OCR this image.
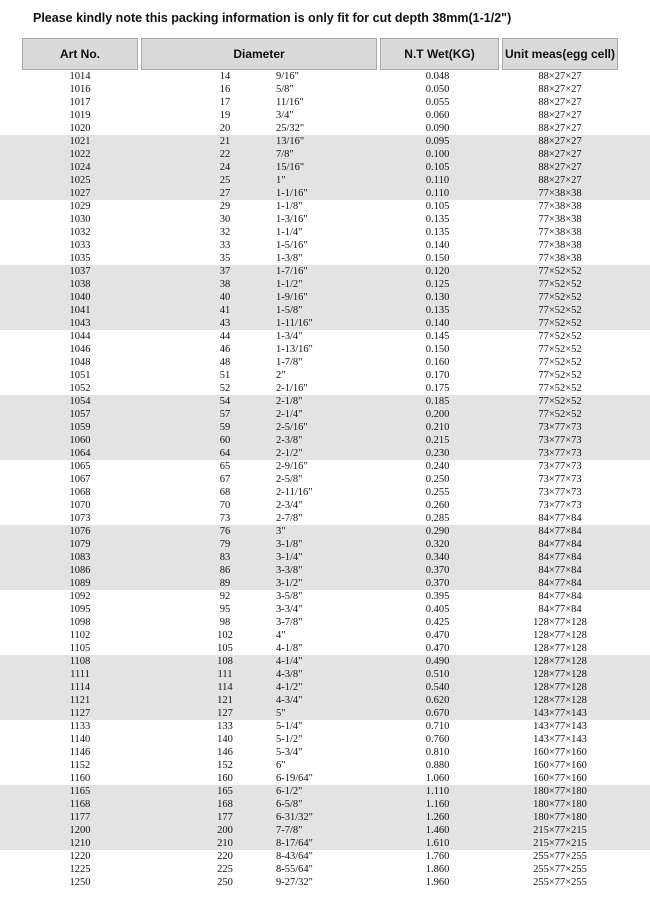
Please kindly note this packing information is only fit for cut depth 38mm(1-1/2")
Art No.	Diameter	N.T Wet(KG)	Unit meas(egg cell)
1014	14	9/16"	0.048	88×27×27
1016	16	5/8"	0.050	88×27×27
1017	17	11/16"	0.055	88×27×27
1019	19	3/4"	0.060	88×27×27
1020	20	25/32"	0.090	88×27×27
1021	21	13/16"	0.095	88×27×27
1022	22	7/8"	0.100	88×27×27
1024	24	15/16"	0.105	88×27×27
1025	25	1"	0.110	88×27×27
1027	27	1-1/16"	0.110	77×38×38
1029	29	1-1/8"	0.105	77×38×38
1030	30	1-3/16"	0.135	77×38×38
1032	32	1-1/4"	0.135	77×38×38
1033	33	1-5/16"	0.140	77×38×38
1035	35	1-3/8"	0.150	77×38×38
1037	37	1-7/16"	0.120	77×52×52
1038	38	1-1/2"	0.125	77×52×52
1040	40	1-9/16"	0.130	77×52×52
1041	41	1-5/8"	0.135	77×52×52
1043	43	1-11/16"	0.140	77×52×52
1044	44	1-3/4"	0.145	77×52×52
1046	46	1-13/16"	0.150	77×52×52
1048	48	1-7/8"	0.160	77×52×52
1051	51	2"	0.170	77×52×52
1052	52	2-1/16"	0.175	77×52×52
1054	54	2-1/8"	0.185	77×52×52
1057	57	2-1/4"	0.200	77×52×52
1059	59	2-5/16"	0.210	73×77×73
1060	60	2-3/8"	0.215	73×77×73
1064	64	2-1/2"	0.230	73×77×73
1065	65	2-9/16"	0.240	73×77×73
1067	67	2-5/8"	0.250	73×77×73
1068	68	2-11/16"	0.255	73×77×73
1070	70	2-3/4"	0.260	73×77×73
1073	73	2-7/8"	0.285	84×77×84
1076	76	3"	0.290	84×77×84
1079	79	3-1/8"	0.320	84×77×84
1083	83	3-1/4"	0.340	84×77×84
1086	86	3-3/8"	0.370	84×77×84
1089	89	3-1/2"	0.370	84×77×84
1092	92	3-5/8"	0.395	84×77×84
1095	95	3-3/4"	0.405	84×77×84
1098	98	3-7/8"	0.425	128×77×128
1102	102	4"	0.470	128×77×128
1105	105	4-1/8"	0.470	128×77×128
1108	108	4-1/4"	0.490	128×77×128
1111	111	4-3/8"	0.510	128×77×128
1114	114	4-1/2"	0.540	128×77×128
1121	121	4-3/4"	0.620	128×77×128
1127	127	5"	0.670	143×77×143
1133	133	5-1/4"	0.710	143×77×143
1140	140	5-1/2"	0.760	143×77×143
1146	146	5-3/4"	0.810	160×77×160
1152	152	6"	0.880	160×77×160
1160	160	6-19/64"	1.060	160×77×160
1165	165	6-1/2"	1.110	180×77×180
1168	168	6-5/8"	1.160	180×77×180
1177	177	6-31/32"	1.260	180×77×180
1200	200	7-7/8"	1.460	215×77×215
1210	210	8-17/64"	1.610	215×77×215
1220	220	8-43/64"	1.760	255×77×255
1225	225	8-55/64"	1.860	255×77×255
1250	250	9-27/32"	1.960	255×77×255
